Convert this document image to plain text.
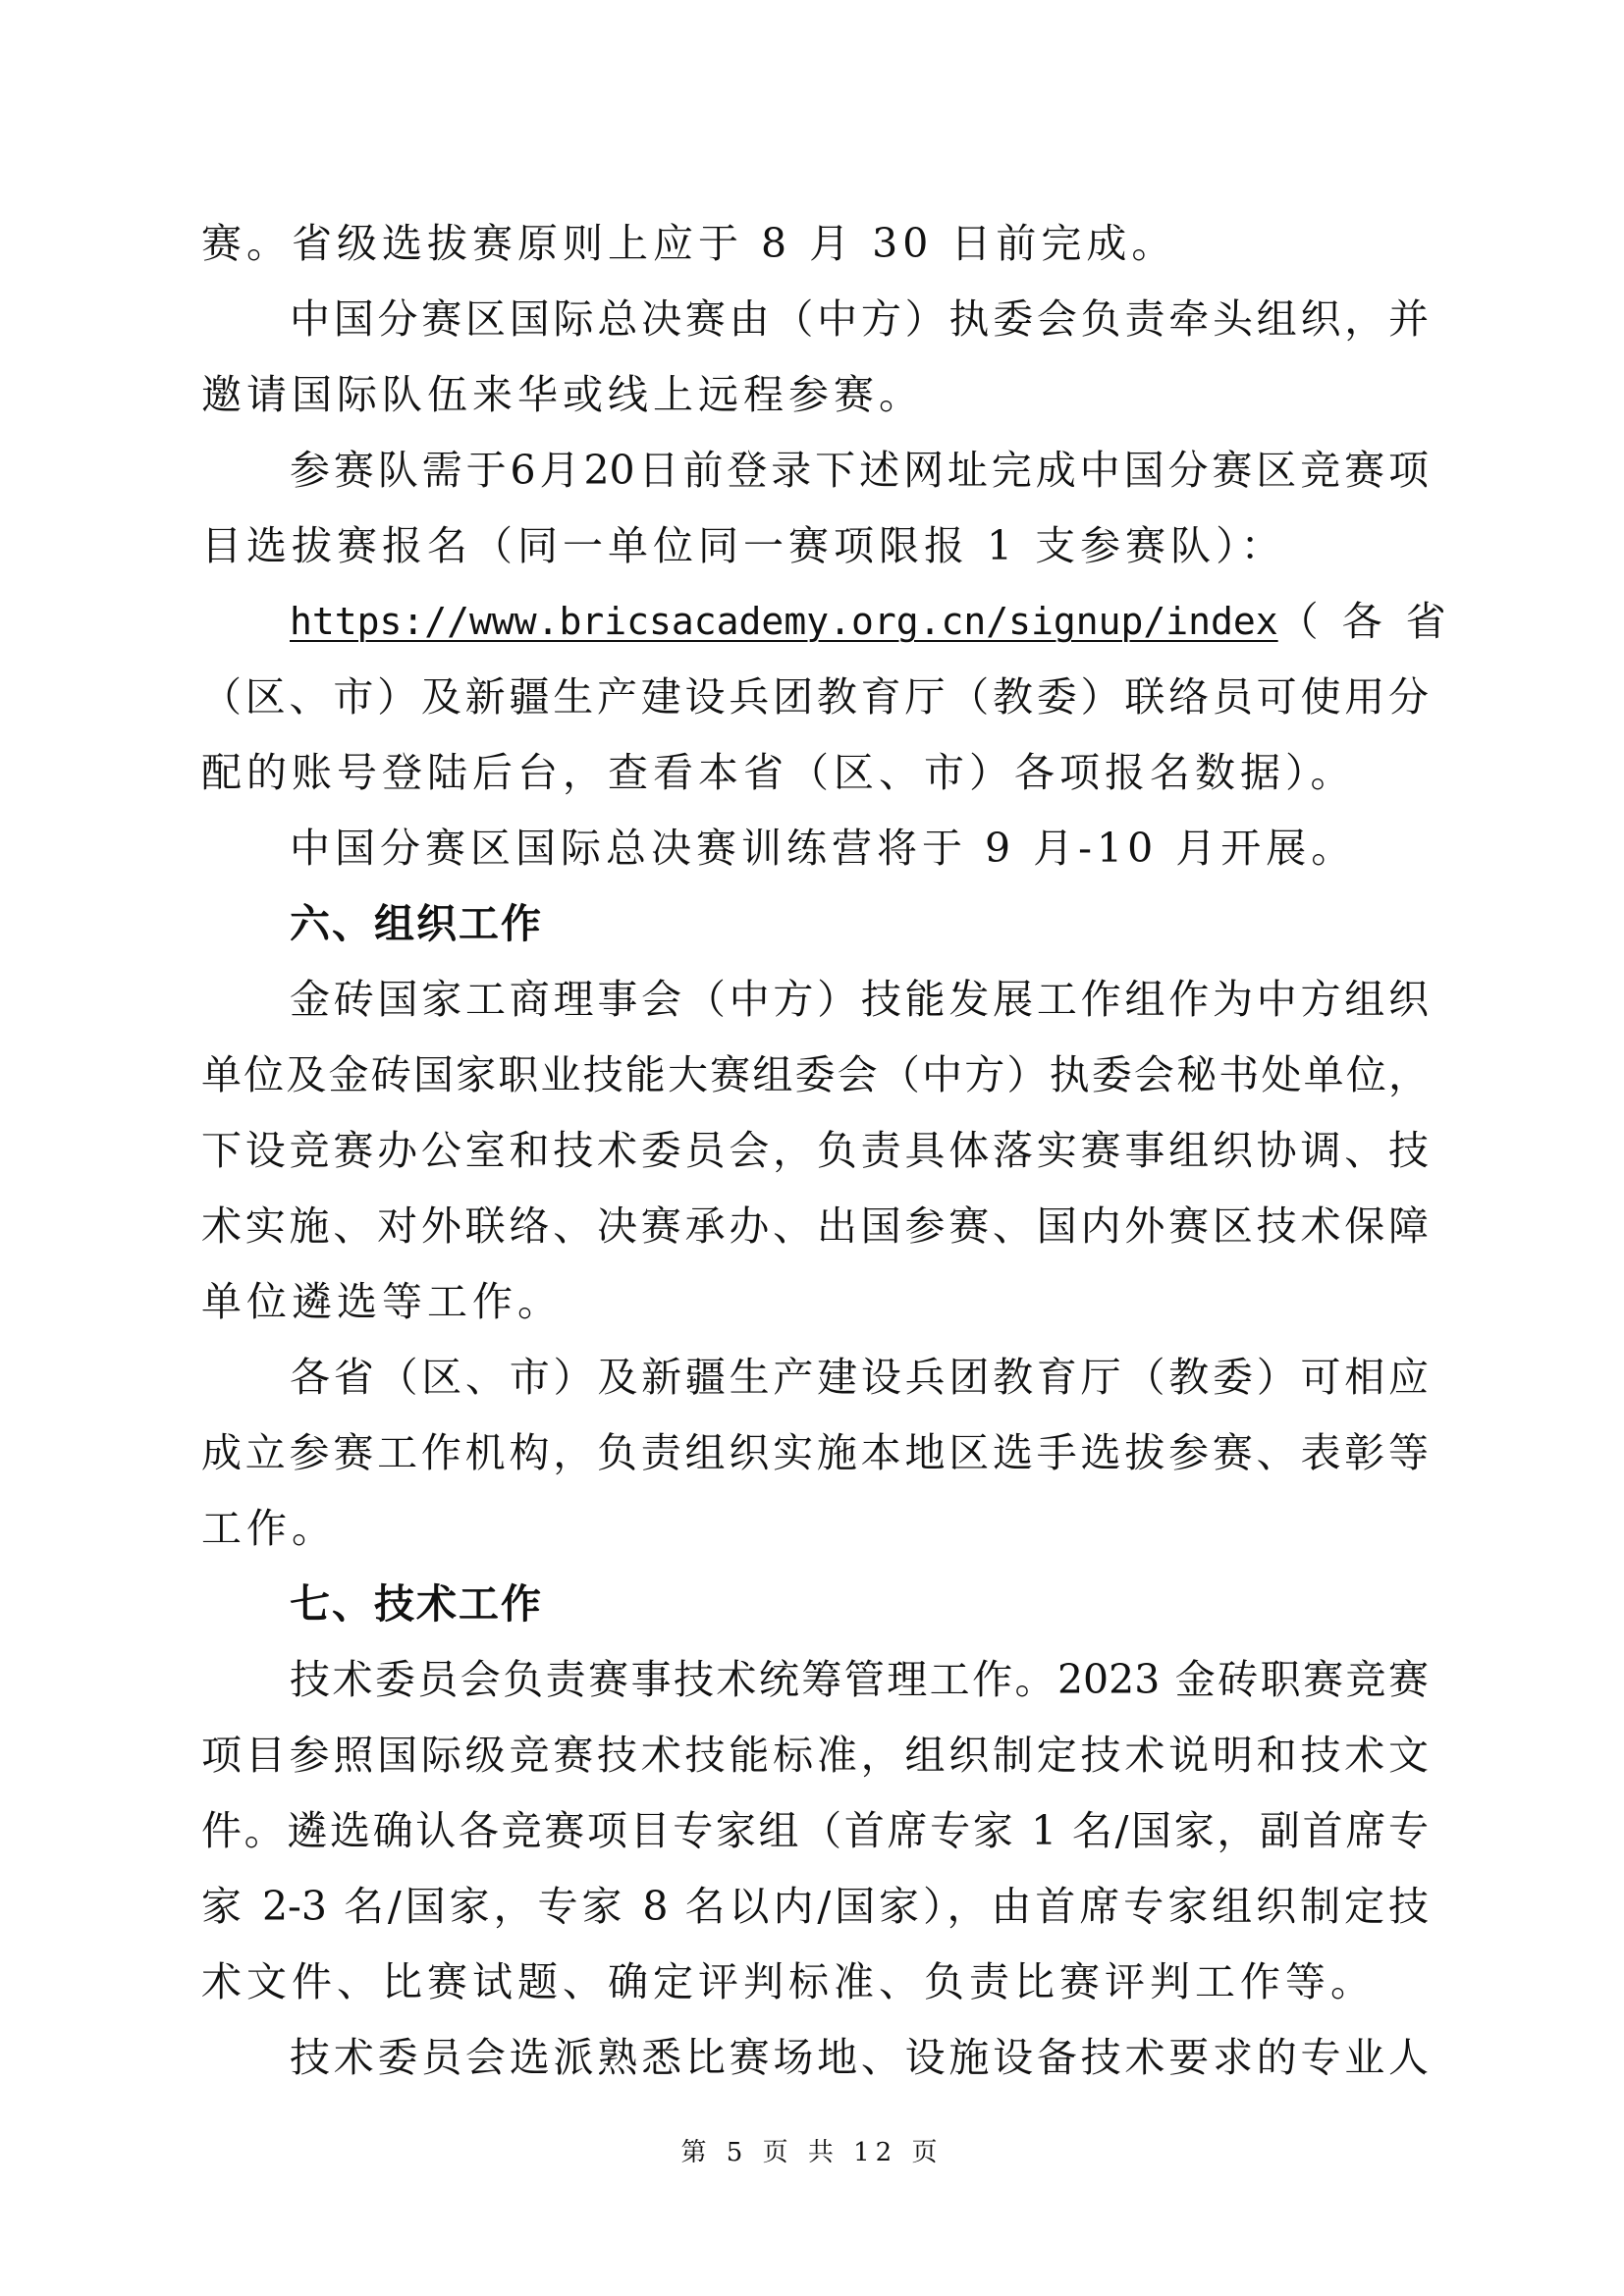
赛。省级选拔赛原则上应于 8 月 30 日前完成。
中国分赛区国际总决赛由（中方）执委会负责牵头组织，并
邀请国际队伍来华或线上远程参赛。
参赛队需于6月20日前登录下述网址完成中国分赛区竞赛项
目选拔赛报名（同一单位同一赛项限报 1 支参赛队）：
https://www.bricsacademy.org.cn/signup/index （各省
（区、市）及新疆生产建设兵团教育厅（教委）联络员可使用分
配的账号登陆后台，查看本省（区、市）各项报名数据）。
中国分赛区国际总决赛训练营将于 9 月-10 月开展。
六、组织工作
金砖国家工商理事会（中方）技能发展工作组作为中方组织
单位及金砖国家职业技能大赛组委会（中方）执委会秘书处单位，
下设竞赛办公室和技术委员会，负责具体落实赛事组织协调、技
术实施、对外联络、决赛承办、出国参赛、国内外赛区技术保障
单位遴选等工作。
各省（区、市）及新疆生产建设兵团教育厅（教委）可相应
成立参赛工作机构，负责组织实施本地区选手选拔参赛、表彰等
工作。
七、技术工作
技术委员会负责赛事技术统筹管理工作。2023 金砖职赛竞赛
项目参照国际级竞赛技术技能标准，组织制定技术说明和技术文
件。遴选确认各竞赛项目专家组（首席专家 1 名/国家，副首席专
家 2-3 名/国家，专家 8 名以内/国家），由首席专家组织制定技
术文件、比赛试题、确定评判标准、负责比赛评判工作等。
技术委员会选派熟悉比赛场地、设施设备技术要求的专业人
第 5 页 共 12 页
